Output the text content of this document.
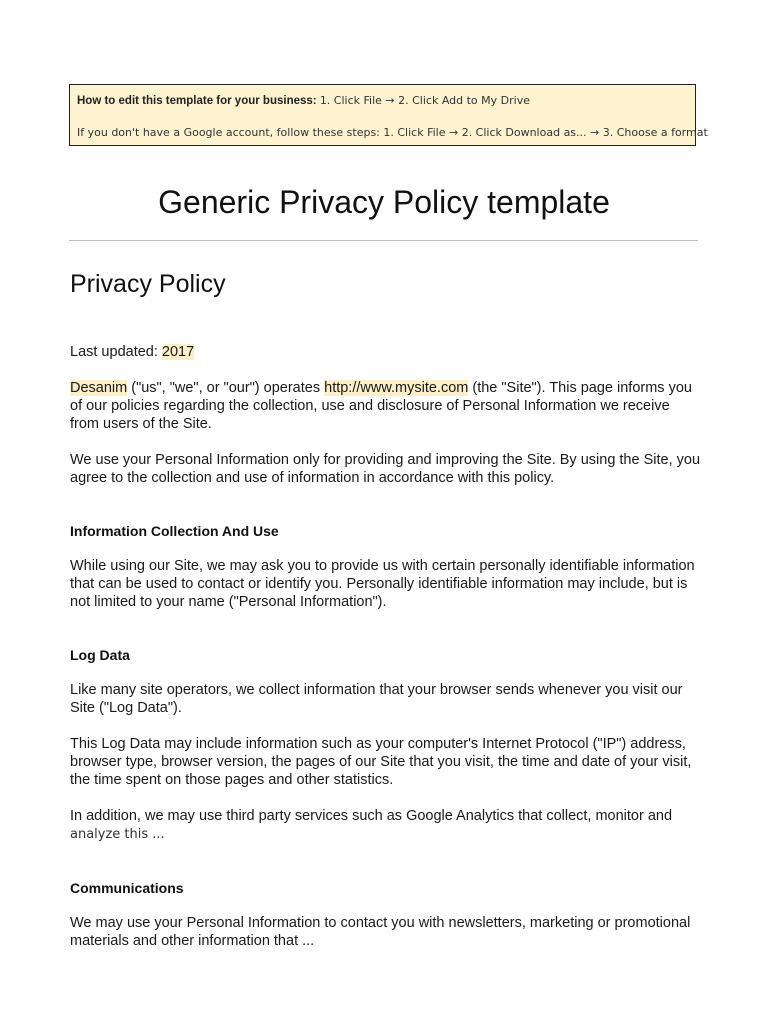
How to edit this template for your business: 1. Click File → 2. Click Add to My Drive
If you don't have a Google account, follow these steps: 1. Click File → 2. Click Download as... → 3. Choose a format
Generic Privacy Policy template
Privacy Policy

Last updated: 2017

Desanim ("us", "we", or "our") operates http://www.mysite.com (the "Site"). This page informs you of our policies regarding the collection, use and disclosure of Personal Information we receive from users of the Site.

We use your Personal Information only for providing and improving the Site. By using the Site, you agree to the collection and use of information in accordance with this policy.

Information Collection And Use

While using our Site, we may ask you to provide us with certain personally identifiable information that can be used to contact or identify you. Personally identifiable information may include, but is not limited to your name ("Personal Information").

Log Data

Like many site operators, we collect information that your browser sends whenever you visit our Site ("Log Data").

This Log Data may include information such as your computer's Internet Protocol ("IP") address, browser type, browser version, the pages of our Site that you visit, the time and date of your visit, the time spent on those pages and other statistics.

In addition, we may use third party services such as Google Analytics that collect, monitor and
analyze this ...

Communications

We may use your Personal Information to contact you with newsletters, marketing or promotional materials and other information that ...
